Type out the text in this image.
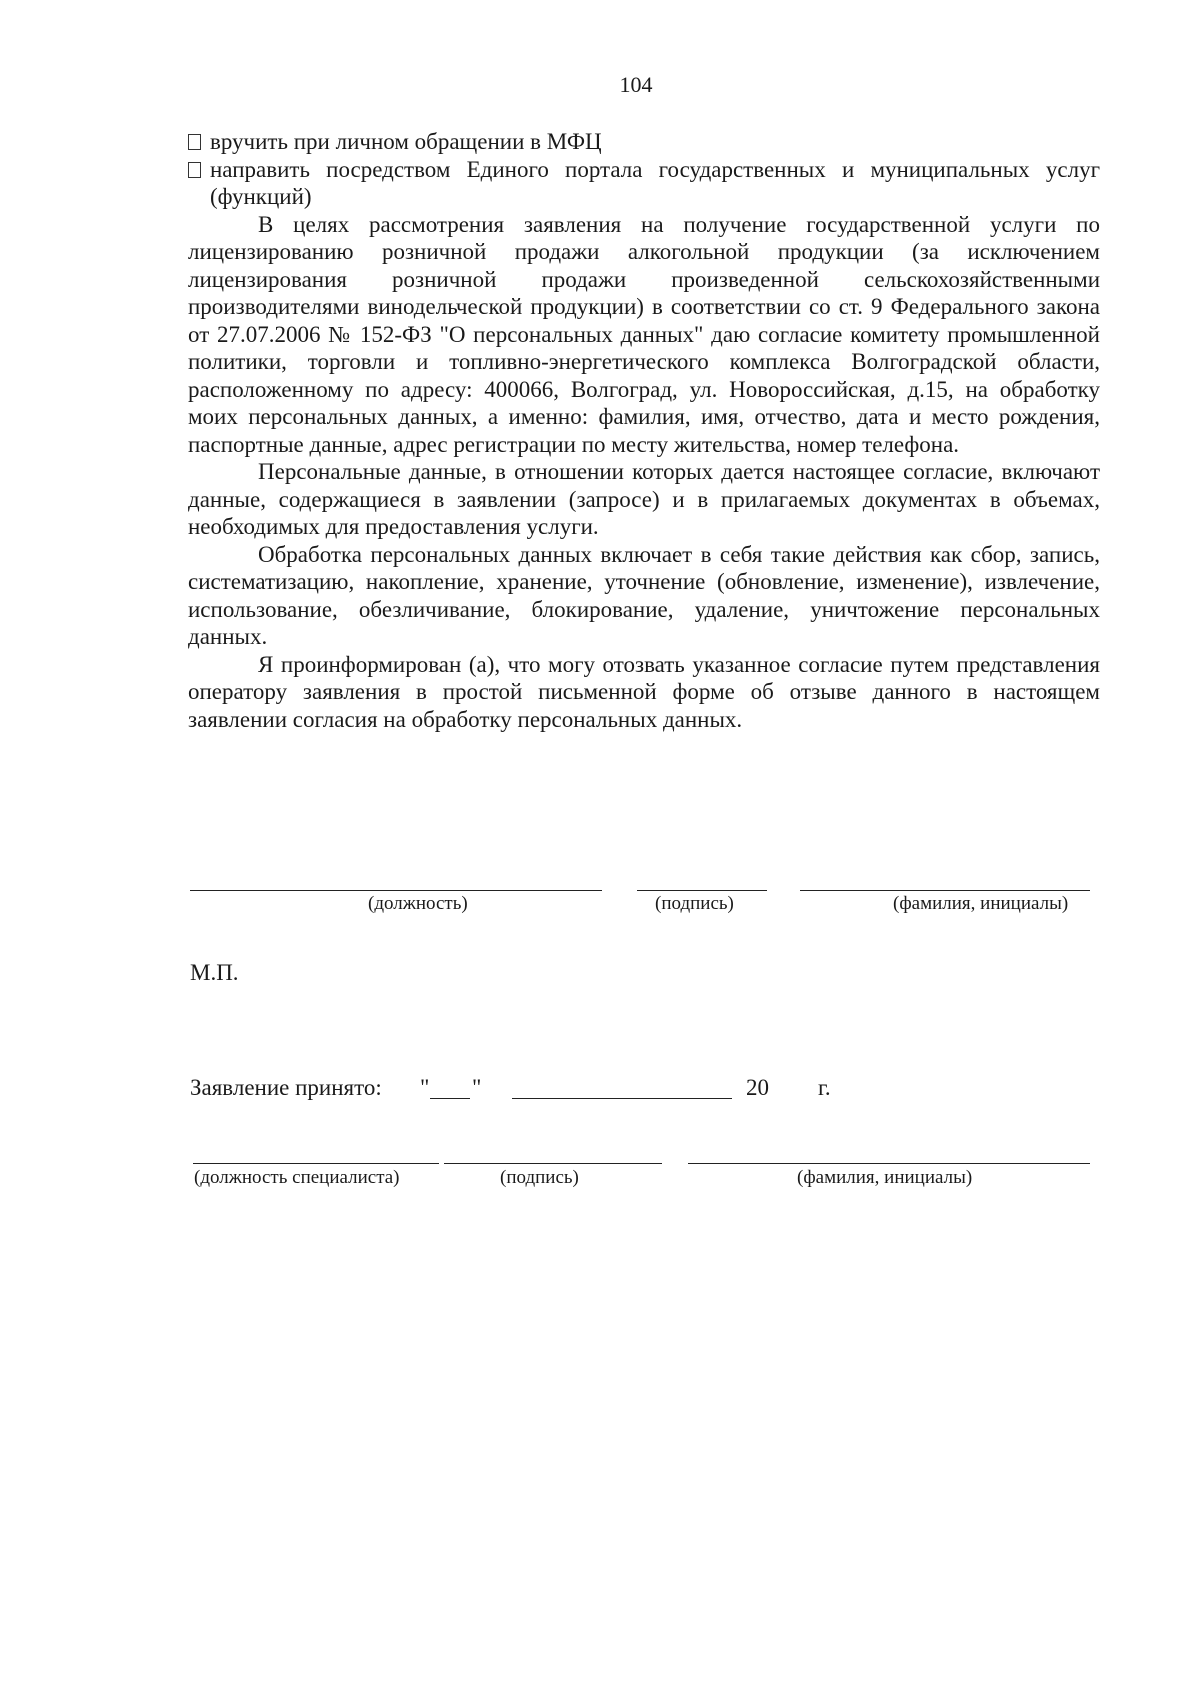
104
вручить при личном обращении в МФЦ
направить посредством Единого портала государственных и муниципальных услуг (функций)

В целях рассмотрения заявления на получение государственной услуги по лицензированию розничной продажи алкогольной продукции (за исключением лицензирования розничной продажи произведенной сельскохозяйственными производителями винодельческой продукции) в соответствии со ст. 9 Федерального закона от 27.07.2006 № 152-ФЗ "О персональных данных" даю согласие комитету промышленной политики, торговли и топливно-энергетического комплекса Волгоградской области, расположенному по адресу: 400066, Волгоград, ул. Новороссийская, д.15, на обработку моих персональных данных, а именно: фамилия, имя, отчество, дата и место рождения, паспортные данные, адрес регистрации по месту жительства, номер телефона.

Персональные данные, в отношении которых дается настоящее согласие, включают данные, содержащиеся в заявлении (запросе) и в прилагаемых документах в объемах, необходимых для предоставления услуги.

Обработка персональных данных включает в себя такие действия как сбор, запись, систематизацию, накопление, хранение, уточнение (обновление, изменение), извлечение, использование, обезличивание, блокирование, удаление, уничтожение персональных данных.

Я проинформирован (а), что могу отозвать указанное согласие путем представления оператору заявления в простой письменной форме об отзыве данного в настоящем заявлении согласия на обработку персональных данных.

(должность)	(подпись)	(фамилия, инициалы)
М.П.
Заявление принято: " "	20 г.
(должность специалиста)	(подпись)	(фамилия, инициалы)
